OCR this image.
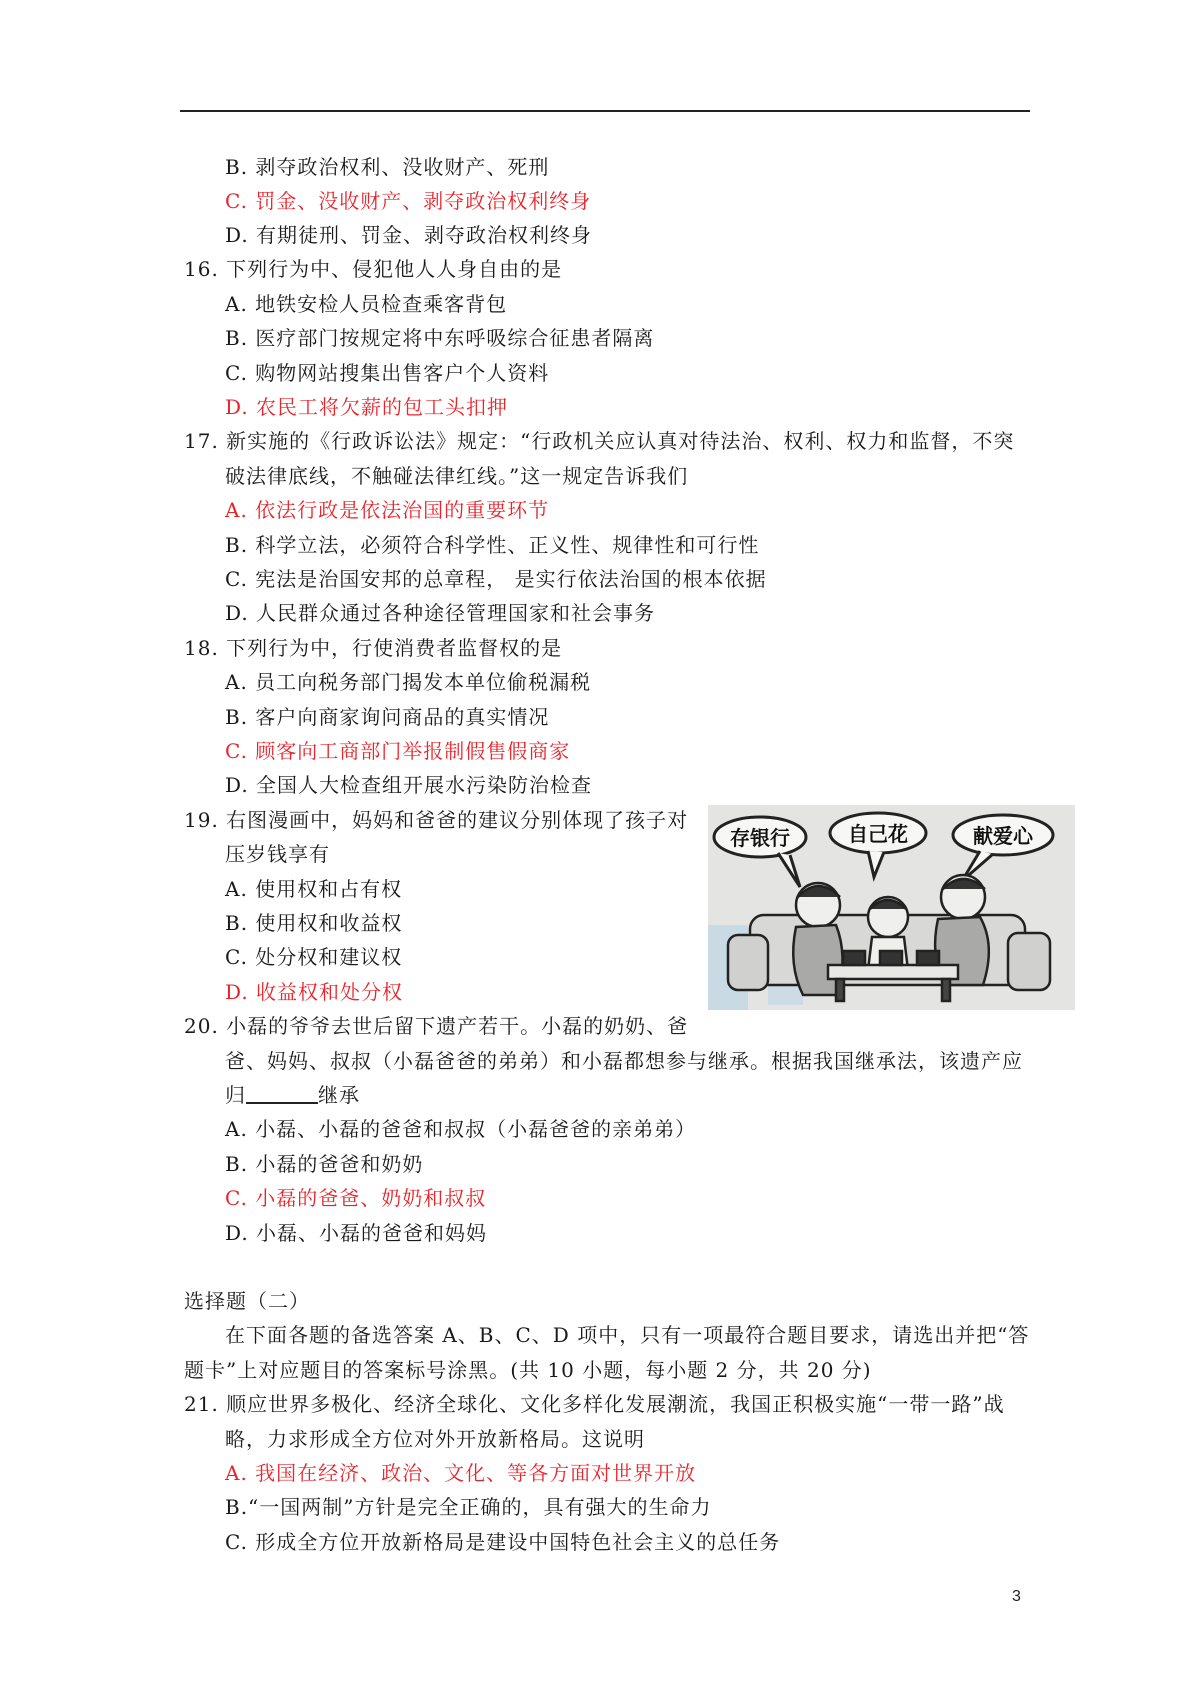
B. 剥夺政治权利、没收财产、死刑
C. 罚金、没收财产、剥夺政治权利终身
D. 有期徒刑、罚金、剥夺政治权利终身
16. 下列行为中、侵犯他人人身自由的是
A. 地铁安检人员检查乘客背包
B. 医疗部门按规定将中东呼吸综合征患者隔离
C. 购物网站搜集出售客户个人资料
D. 农民工将欠薪的包工头扣押
17. 新实施的《行政诉讼法》规定：“行政机关应认真对待法治、权利、权力和监督，不突
破法律底线，不触碰法律红线。”这一规定告诉我们
A. 依法行政是依法治国的重要环节
B. 科学立法，必须符合科学性、正义性、规律性和可行性
C. 宪法是治国安邦的总章程， 是实行依法治国的根本依据
D. 人民群众通过各种途径管理国家和社会事务
18. 下列行为中，行使消费者监督权的是
A. 员工向税务部门揭发本单位偷税漏税
B. 客户向商家询问商品的真实情况
C. 顾客向工商部门举报制假售假商家
D. 全国人大检查组开展水污染防治检查
19. 右图漫画中，妈妈和爸爸的建议分别体现了孩子对
压岁钱享有
A. 使用权和占有权
B. 使用权和收益权
C. 处分权和建议权
D. 收益权和处分权
存银行	自己花	献爱心
20. 小磊的爷爷去世后留下遗产若干。小磊的奶奶、爸
爸、妈妈、叔叔（小磊爸爸的弟弟）和小磊都想参与继承。根据我国继承法，该遗产应
归	继承
A. 小磊、小磊的爸爸和叔叔（小磊爸爸的亲弟弟）
B. 小磊的爸爸和奶奶
C. 小磊的爸爸、奶奶和叔叔
D. 小磊、小磊的爸爸和妈妈
选择题（二）
在下面各题的备选答案 A、B、C、D 项中，只有一项最符合题目要求，请选出并把“答
题卡”上对应题目的答案标号涂黑。(共 10 小题，每小题 2 分，共 20 分)
21. 顺应世界多极化、经济全球化、文化多样化发展潮流，我国正积极实施“一带一路”战
略，力求形成全方位对外开放新格局。这说明
A. 我国在经济、政治、文化、等各方面对世界开放
B.“一国两制”方针是完全正确的，具有强大的生命力
C. 形成全方位开放新格局是建设中国特色社会主义的总任务
3
